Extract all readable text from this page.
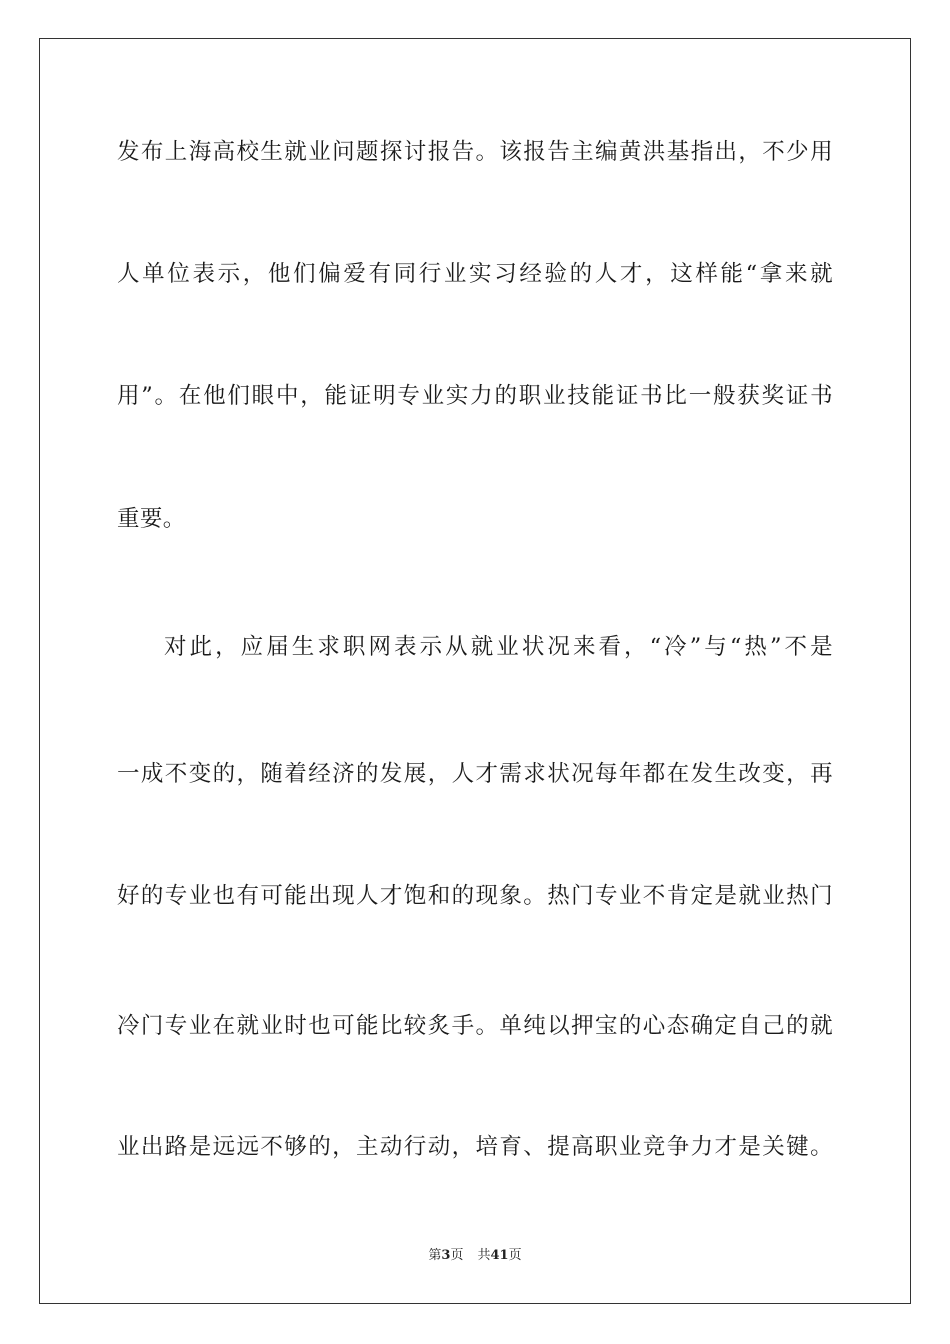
发布上海高校生就业问题探讨报告。该报告主编黄洪基指出，不少用
人单位表示，他们偏爱有同行业实习经验的人才，这样能“拿来就
用”。在他们眼中，能证明专业实力的职业技能证书比一般获奖证书
重要。
对此，应届生求职网表示从就业状况来看，“冷”与“热”不是
一成不变的，随着经济的发展，人才需求状况每年都在发生改变，再
好的专业也有可能出现人才饱和的现象。热门专业不肯定是就业热门
冷门专业在就业时也可能比较炙手。单纯以押宝的心态确定自己的就
业出路是远远不够的，主动行动，培育、提高职业竞争力才是关键。
第3页 共41页
